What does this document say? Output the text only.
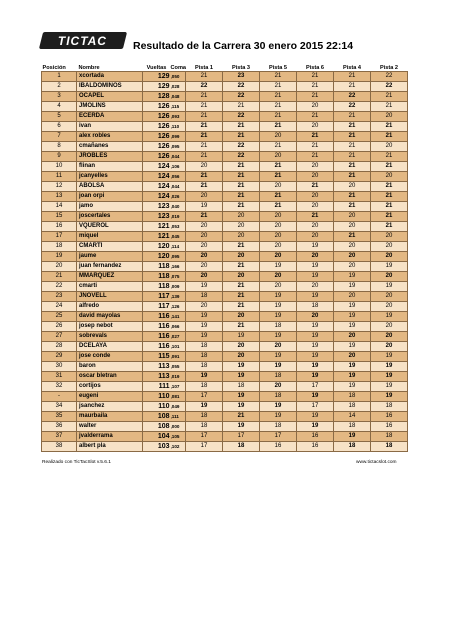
TICTAC Resultado de la Carrera 30 enero 2015 22:14
Posición	Nombre	Vueltas	Coma	Pista 1	Pista 3	Pista 5	Pista 6	Pista 4	Pista 2
1	xcortada	129	,050	21	23	21	21	21	22
2	IBALDOMINOS	129	,028	22	22	21	21	21	22
3	OCAPEL	128	,048	21	22	21	21	22	21
4	JMOLINS	126	,115	21	21	21	20	22	21
5	ECERDA	126	,093	21	22	21	21	21	20
6	ivan	126	,110	21	21	21	20	21	21
7	alex robles	126	,099	21	21	20	21	21	21
8	cmañanes	126	,095	21	22	21	21	21	20
9	JROBLES	126	,044	21	22	20	21	21	21
10	flinan	124	,106	20	21	21	20	21	21
11	jcanyelles	124	,056	21	21	21	20	21	20
12	ABOLSA	124	,044	21	21	20	21	20	21
13	joan orpi	124	,026	20	21	21	20	21	21
14	jamo	123	,040	19	21	21	20	21	21
15	joscertales	123	,019	21	20	20	21	20	21
16	VQUEROL	121	,053	20	20	20	20	20	21
17	miquel	121	,045	20	20	20	20	21	20
18	CMARTI	120	,114	20	21	20	19	20	20
19	jaume	120	,095	20	20	20	20	20	20
20	juan fernandez	118	,166	20	21	19	19	20	19
21	MMARQUEZ	118	,075	20	20	20	19	19	20
22	cmarti	118	,009	19	21	20	20	19	19
23	JNOVELL	117	,139	18	21	19	19	20	20
24	alfredo	117	,126	20	21	19	18	19	20
25	david mayolas	116	,141	19	20	19	20	19	19
26	josep nebot	116	,066	19	21	18	19	19	20
27	sobrevals	116	,027	19	19	19	19	20	20
28	DCELAYA	116	,101	18	20	20	19	19	20
29	jose conde	115	,091	18	20	19	19	20	19
30	baron	113	,055	18	19	19	19	19	19
31	oscar bletran	113	,019	19	19	18	19	19	19
32	cortijos	111	,107	18	18	20	17	19	19
-	eugeni	110	,081	17	19	18	19	18	19
34	jsanchez	110	,049	19	19	19	17	18	18
35	maurbaila	108	,111	18	21	19	19	14	16
36	walter	108	,000	18	19	18	19	18	16
37	jvalderrama	104	,105	17	17	17	16	19	18
38	albert pla	103	,102	17	18	16	16	18	18
Realizado con TicTacSlot v.5.6.1	www.tictacslot.com
